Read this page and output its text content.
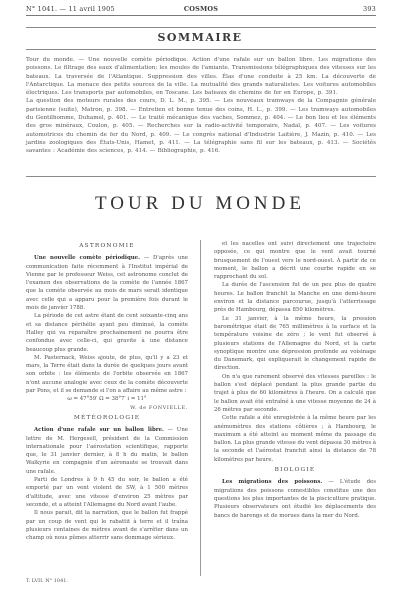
N° 1041. — 11 avril 1905	COSMOS	393
SOMMAIRE

Tour du monde. — Une nouvelle comète périodique. Action d'une rafale sur un ballon libre. Les migrations des poissons. Le filtrage des eaux d'alimentation; les moules de l'amiante. Transmissions télégraphiques des vitesses sur les bateaux. La traversée de l'Atlantique. Suppression des villes. Élas d'une conduite à 25 km. La découverte de l'Antarctique. La menace des petits sources de la ville. La mutualité des grands naturalistes. Les voitures automobiles électriques. Les transports par automobiles, en Toscane. Les bateaux de chemins de fer en Europe, p. 391.

La question des moteurs rurales des cours, D. L. M., p. 395. — Les nouveaux tramways de la Compagnie générale parisienne (suite), Matron, p. 398. — Entretien et bonne tenue des coins, H. L., p. 399. — Les tramways automobiles du Gentilhomme, Duhamel, p. 401. — Le traité mécanique des vaches, Sommez, p. 404. — Le bon lieu et les éléments des gros minéraux, Coulon, p. 405. — Recherches sur la radio-activité temporaire, Nadal, p. 407. — Les voitures automotrices du chemin de fer du Nord, p. 409. — Le congrès national d'Industrie Laitière, J. Mazin, p. 410. — Les jardins zoologiques des États-Unis, Hamet, p. 411. — La télégraphie sans fil sur les bateaux, p. 413. — Sociétés savantes : Académie des sciences, p. 414. — Bibliographie, p. 416.

TOUR DU MONDE

ASTRONOMIE

Une nouvelle comète périodique. — D'après une communication faite récemment à l'Institut impérial de Vienne par le professeur Weiss, cet astronome conclut de l'examen des observations de la comète de l'année 1867 que la comète observée au mois de mars serait identique avec celle qui a apparu pour la première fois durant le mois de janvier 1788.

La période de cet astre étant de cent soixante-cinq ans et sa distance périhélie ayant peu diminué, la comète Halley qui va reparaître prochainement ne pourra être confondue avec celle-ci, qui gravite à une distance beaucoup plus grande.

M. Pasternack, Weiss ajoute, de plus, qu'il y a 23 et mars, la Terre était dans la durée de quelques jours avant son orbite : les éléments de l'orbite observée en 1867 n'ont aucune analogie avec ceux de la comète découverte par Pons, et il se demande si l'on a affaire au même astre :

ω = 47°59′ Ω = 38°7′ i = 11°

W. de FONVIELLE.

MÉTÉOROLOGIE

Action d'une rafale sur un ballon libre. — Une lettre de M. Hergesell, président de la Commission internationale pour l'aérostation scientifique, rapporte que, le 31 janvier dernier, à 8 h du matin, le ballon Walkyrie en compagnie d'un aéronaute se trouvait dans une rafale.

Parti de Londres à 9 h 45 du soir, le ballon a été emporté par un vent violent de SW, à 1 500 mètres d'altitude, avec une vitesse d'environ 25 mètres par seconde, et a atteint l'Allemagne du Nord avant l'aube.

Il nous parait, dit la narration, que le ballon fut frappé par un coup de vent qui le rabattit à terre et il traîna plusieurs centaines de mètres avant de s'arrêter dans un champ où nous pûmes atterrir sans dommage sérieux.

et les nacelles ont suivi directement une trajectoire opposée, ce qui montre que le vent avait tourné brusquement de l'ouest vers le nord-ouest. À partir de ce moment, le ballon a décrit une courbe rapide en se rapprochant du sol.

La durée de l'ascension fut de un peu plus de quatre heures. Le ballon franchit la Manche en une demi-heure environ et la distance parcourue, jusqu'à l'atterrissage près de Hambourg, dépassa 850 kilomètres.

Le 31 janvier, à la même heure, la pression barométrique était de 765 millimètres à la surface et la température voisine de zéro ; le vent fut observé à plusieurs stations de l'Allemagne du Nord, et la carte synoptique montre une dépression profonde au voisinage du Danemark, qui expliquerait le changement rapide de direction.

On n'a que rarement observé des vitesses pareilles : le ballon s'est déplacé pendant la plus grande partie du trajet à plus de 60 kilomètres à l'heure. On a calculé que le ballon avait été entraîné à une vitesse moyenne de 24 à 26 mètres par seconde.

Cette rafale a été enregistrée à la même heure par les anémomètres des stations côtières ; à Hambourg, le maximum a été atteint au moment même du passage du ballon. La plus grande vitesse du vent dépassa 30 mètres à la seconde et l'aérostat franchit ainsi la distance de 78 kilomètres par heure.

BIOLOGIE

Les migrations des poissons. — L'étude des migrations des poissons comestibles constitue une des questions les plus importantes de la pisciculture pratique. Plusieurs observateurs ont étudié les déplacements des bancs de harengs et de morues dans la mer du Nord.

T. LVII. N° 1041.
